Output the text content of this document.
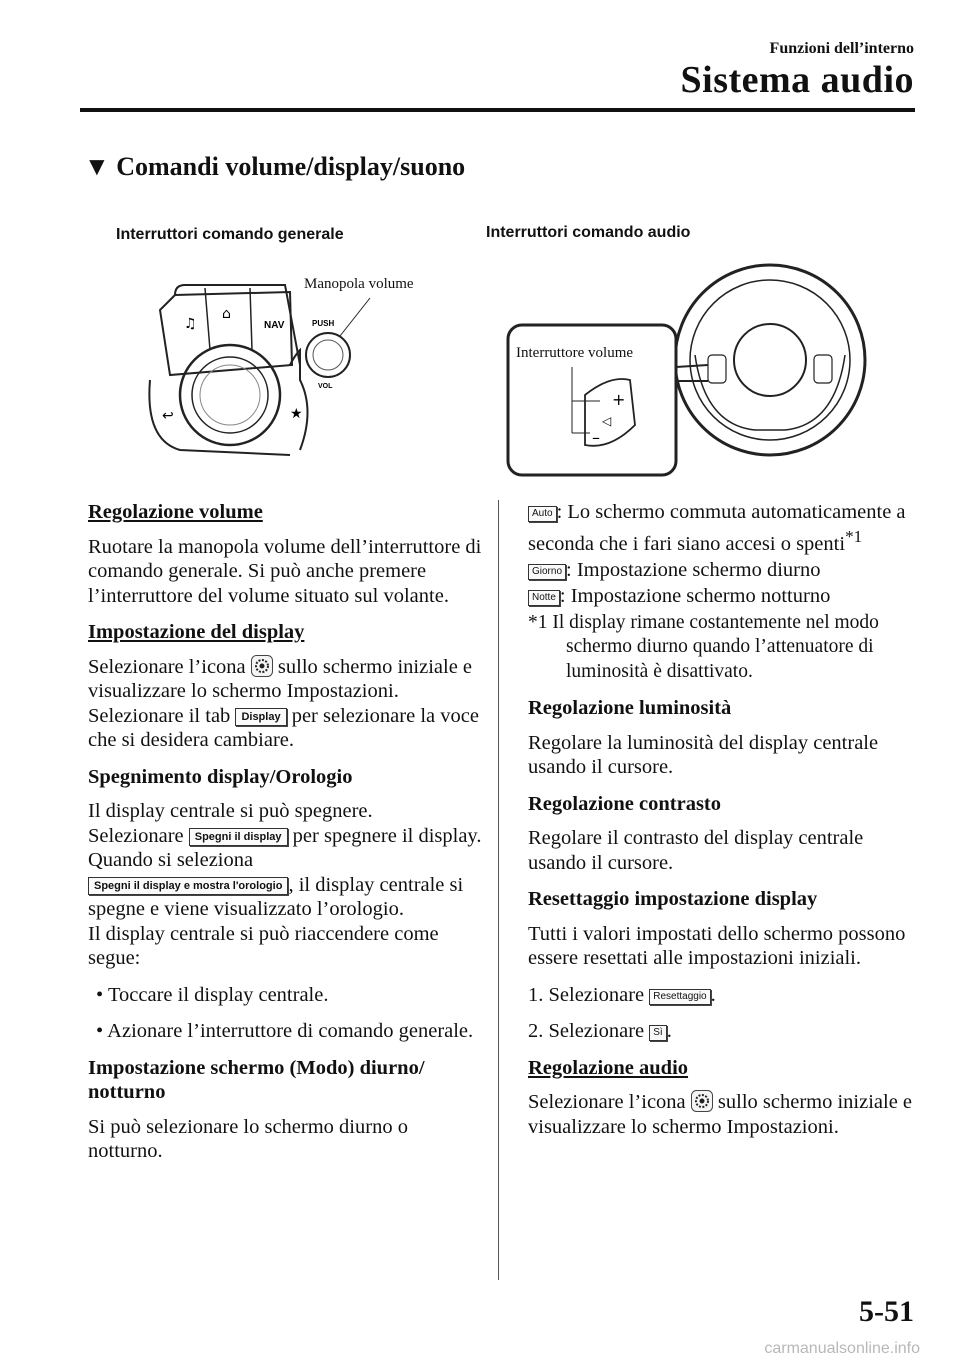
Funzioni dell’interno
Sistema audio
▼ Comandi volume/display/suono
Interruttori comando generale	Interruttori comando audio
♫
⌂
NAV
↩	★
PUSH
VOL
Manopola volume
+
◁
–
Interruttore volume
Regolazione volume

Ruotare la manopola volume dell’interruttore di comando generale. Si può anche premere l’interruttore del volume situato sul volante.

Impostazione del display

Selezionare l’icona sullo schermo iniziale e visualizzare lo schermo Impostazioni.
Selezionare il tab Display per selezionare la voce che si desidera cambiare.

Spegnimento display/Orologio

Il display centrale si può spegnere.
Selezionare Spegni il display per spegnere il display.
Quando si seleziona
Spegni il display e mostra l'orologio , il display centrale si spegne e viene visualizzato l’orologio.
Il display centrale si può riaccendere come segue:

• Toccare il display centrale.

• Azionare l’interruttore di comando generale.

Impostazione schermo (Modo) diurno/ notturno

Si può selezionare lo schermo diurno o notturno.

Auto : Lo schermo commuta automaticamente a seconda che i fari siano accesi o spenti$^{*1}$

Giorno : Impostazione schermo diurno

Notte : Impostazione schermo notturno

*1 Il display rimane costantemente nel modo schermo diurno quando l’attenuatore di luminosità è disattivato.

Regolazione luminosità

Regolare la luminosità del display centrale usando il cursore.

Regolazione contrasto

Regolare il contrasto del display centrale usando il cursore.

Resettaggio impostazione display

Tutti i valori impostati dello schermo possono essere resettati alle impostazioni iniziali.

1. Selezionare Resettaggio .

2. Selezionare Sì .

Regolazione audio

Selezionare l’icona sullo schermo iniziale e visualizzare lo schermo Impostazioni.

5-51
carmanualsonline.info
